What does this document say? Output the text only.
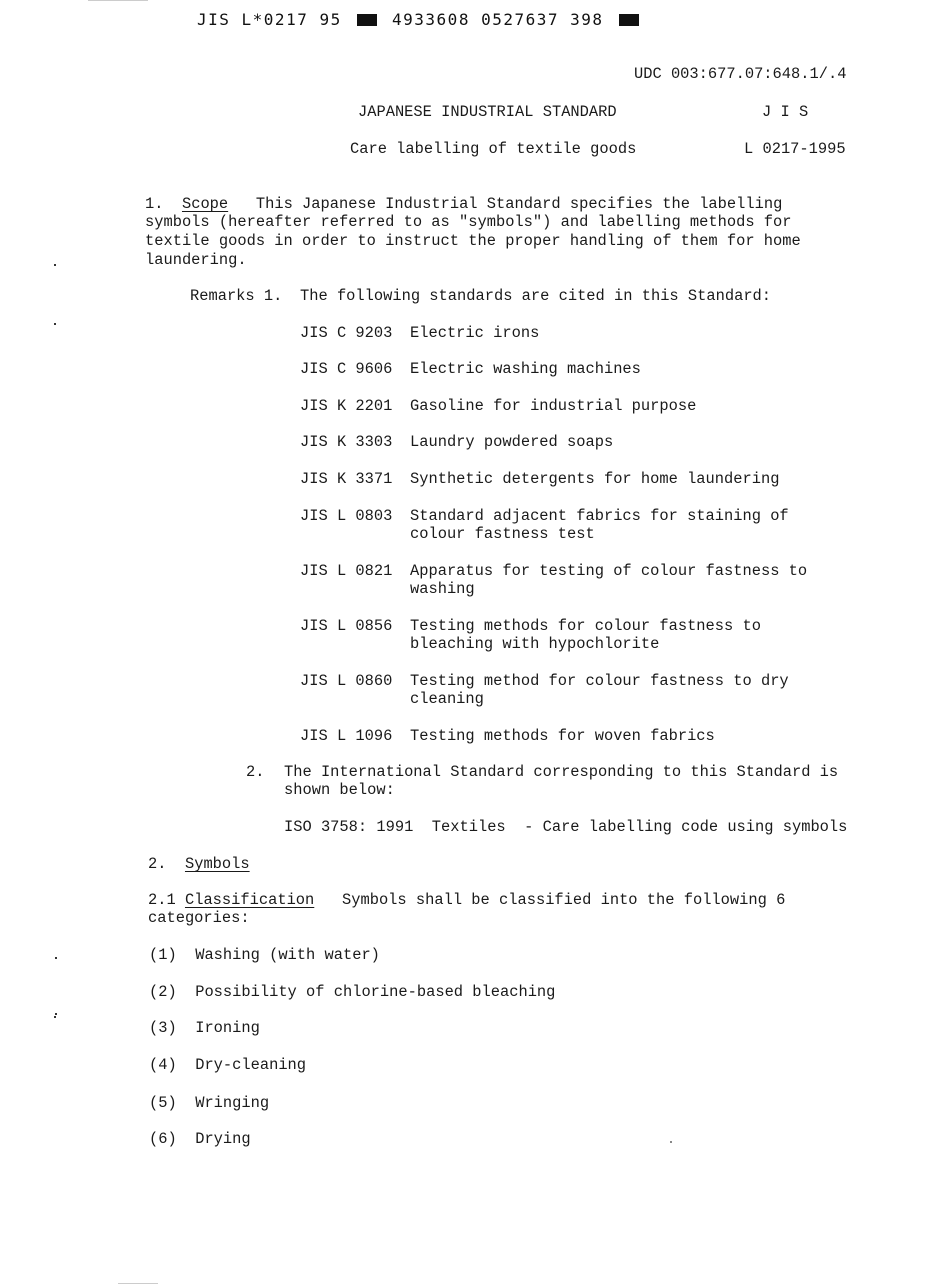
JIS L*0217 95	4933608 0527637 398
UDC 003:677.07:648.1/.4
JAPANESE INDUSTRIAL STANDARD	J I S
Care labelling of textile goods	L 0217-1995
1. Scope This Japanese Industrial Standard specifies the labelling
symbols (hereafter referred to as "symbols") and labelling methods for
textile goods in order to instruct the proper handling of them for home
laundering.
Remarks 1. The following standards are cited in this Standard:
JIS C 9203 Electric irons
JIS C 9606 Electric washing machines
JIS K 2201 Gasoline for industrial purpose
JIS K 3303 Laundry powdered soaps
JIS K 3371 Synthetic detergents for home laundering
JIS L 0803 Standard adjacent fabrics for staining of
colour fastness test
JIS L 0821 Apparatus for testing of colour fastness to
washing
JIS L 0856 Testing methods for colour fastness to
bleaching with hypochlorite
JIS L 0860 Testing method for colour fastness to dry
cleaning
JIS L 1096 Testing methods for woven fabrics
2. The International Standard corresponding to this Standard is
shown below:
ISO 3758: 1991  Textiles  - Care labelling code using symbols
2. Symbols
2.1 Classification Symbols shall be classified into the following 6
categories:
(1) Washing (with water)
(2) Possibility of chlorine-based bleaching
(3) Ironing
(4) Dry-cleaning
(5) Wringing
(6) Drying
